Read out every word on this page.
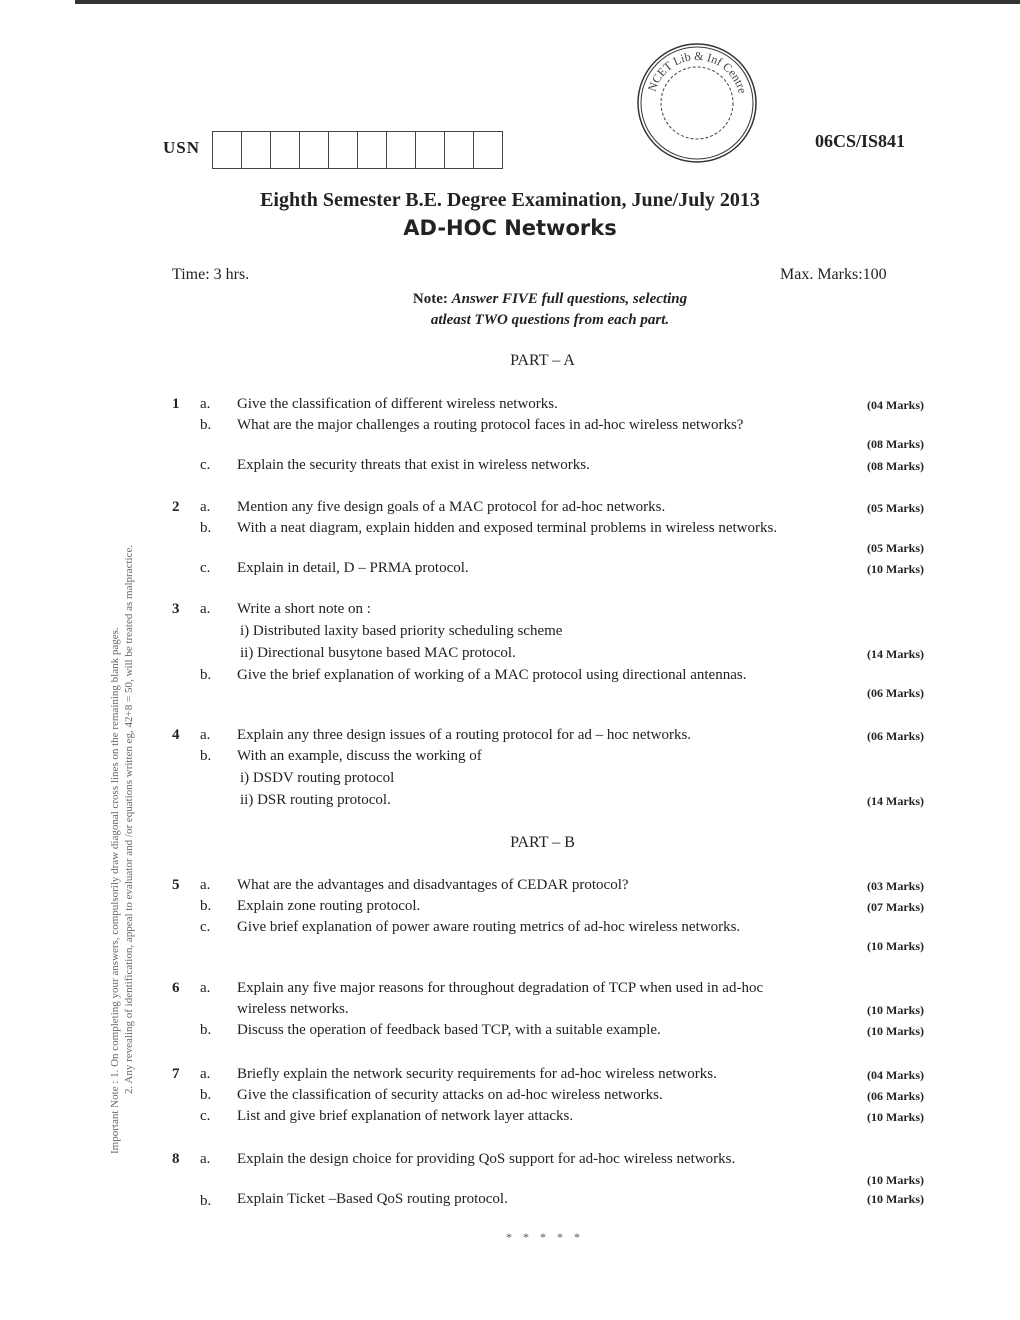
USN
NCET Lib & Inf Centre
06CS/IS841
Eighth Semester B.E. Degree Examination, June/July 2013
AD-HOC Networks
Time: 3 hrs.	Max. Marks:100
Note: Answer FIVE full questions, selecting
atleast TWO questions from each part.
Important Note : 1. On completing your answers, compulsorily draw diagonal cross lines on the remaining blank pages. 2. Any revealing of identification, appeal to evaluator and /or equations written eg, 42+8 = 50, will be treated as malpractice.
PART – A
1 a. Give the classification of different wireless networks.	(04 Marks)
b. What are the major challenges a routing protocol faces in ad-hoc wireless networks?
(08 Marks)
c. Explain the security threats that exist in wireless networks.	(08 Marks)
2 a. Mention any five design goals of a MAC protocol for ad-hoc networks.	(05 Marks)
b. With a neat diagram, explain hidden and exposed terminal problems in wireless networks.
(05 Marks)
c. Explain in detail, D – PRMA protocol.	(10 Marks)
3 a. Write a short note on :
i) Distributed laxity based priority scheduling scheme
ii) Directional busytone based MAC protocol.	(14 Marks)
b. Give the brief explanation of working of a MAC protocol using directional antennas.
(06 Marks)
4 a. Explain any three design issues of a routing protocol for ad – hoc networks.	(06 Marks)
b. With an example, discuss the working of
i) DSDV routing protocol
ii) DSR routing protocol.	(14 Marks)
PART – B
5 a. What are the advantages and disadvantages of CEDAR protocol?	(03 Marks)
b. Explain zone routing protocol.	(07 Marks)
c. Give brief explanation of power aware routing metrics of ad-hoc wireless networks.
(10 Marks)
6 a. Explain any five major reasons for throughout degradation of TCP when used in ad-hoc
wireless networks.	(10 Marks)
b. Discuss the operation of feedback based TCP, with a suitable example.	(10 Marks)
7 a. Briefly explain the network security requirements for ad-hoc wireless networks.	(04 Marks)
b. Give the classification of security attacks on ad-hoc wireless networks.	(06 Marks)
c. List and give brief explanation of network layer attacks.	(10 Marks)
8 a. Explain the design choice for providing QoS support for ad-hoc wireless networks.
(10 Marks)
b. Explain Ticket –Based QoS routing protocol.	(10 Marks)
* * * * *
